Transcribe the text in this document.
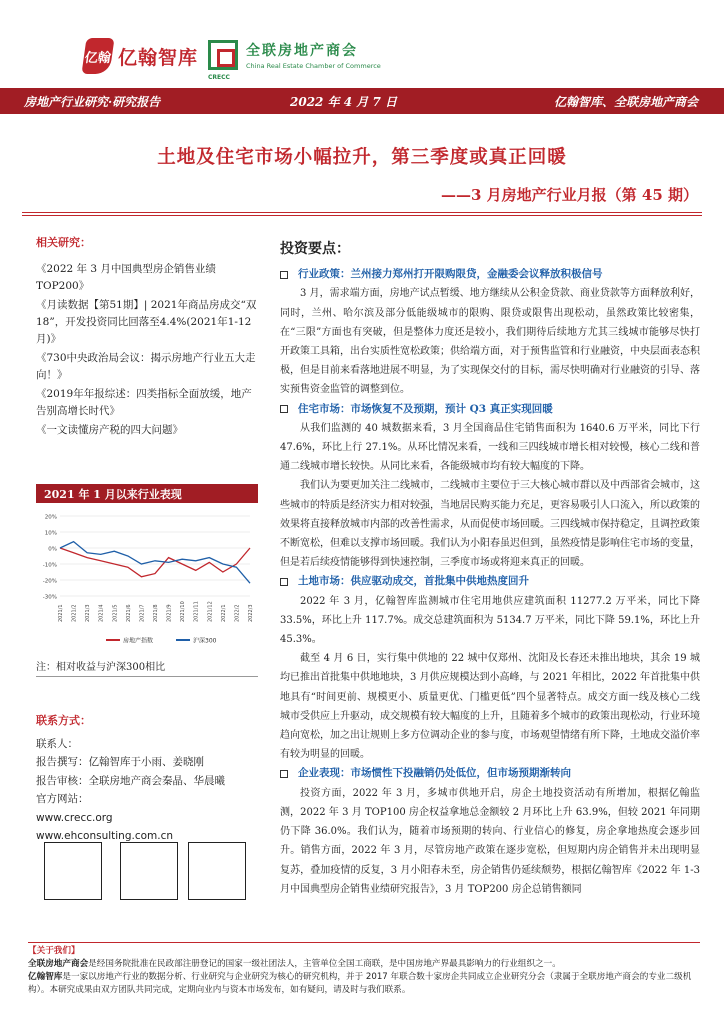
亿翰 亿翰智库
CRECC
全联房地产商会
China Real Estate Chamber of Commerce
房地产行业研究·研究报告	2022 年 4 月 7 日	亿翰智库、全联房地产商会
土地及住宅市场小幅拉升，第三季度或真正回暖
——3 月房地产行业月报（第 45 期）
相关研究：

《2022 年 3 月中国典型房企销售业绩TOP200》

《月读数据【第51期】| 2021年商品房成交“双18”，开发投资同比回落至4.4%(2021年1-12月)》

《730中央政治局会议：揭示房地产行业五大走向！》

《2019年年报综述：四类指标全面放缓，地产告别高增长时代》

《一文读懂房产税的四大问题》

2021 年 1 月以来行业表现
20%
10%
0%
-10%
-20%
-30%
2021/1 2021/2 2021/3 2021/4 2021/5 2021/6 2021/7 2021/8 2021/9 2021/10 2021/11 2021/12 2022/1 2022/2 2022/3
房地产指数	沪深300
注：相对收益与沪深300相比
联系方式：

联系人：

报告撰写：亿翰智库于小雨、姜晓刚

报告审核：全联房地产商会秦晶、华晨曦

官方网站：

www.crecc.org

www.ehconsulting.com.cn

投资要点：
行业政策：兰州接力郑州打开限购限贷，金融委会议释放积极信号

3 月，需求端方面，房地产试点暂缓、地方继续从公积金贷款、商业贷款等方面释放利好，同时，兰州、哈尔滨及部分低能级城市的限购、限贷或限售出现松动，虽然政策比较密集，在“三限”方面也有突破，但是整体力度还是较小，我们期待后续地方尤其三线城市能够尽快打开政策工具箱，出台实质性宽松政策；供给端方面，对于预售监管和行业融资，中央层面表态积极，但是目前来看落地进展不明显，为了实现保交付的目标，需尽快明确对行业融资的引导、落实预售资金监管的调整到位。

住宅市场：市场恢复不及预期，预计 Q3 真正实现回暖

从我们监测的 40 城数据来看，3 月全国商品住宅销售面积为 1640.6 万平米，同比下行 47.6%，环比上行 27.1%。从环比情况来看，一线和三四线城市增长相对较慢，核心二线和普通二线城市增长较快。从同比来看，各能级城市均有较大幅度的下降。

我们认为要更加关注二线城市，二线城市主要位于三大核心城市群以及中西部省会城市，这些城市的特质是经济实力相对较强，当地居民购买能力充足，更容易吸引人口流入，所以政策的效果将直接释放城市内部的改善性需求，从而促使市场回暖。三四线城市保持稳定，且调控政策不断宽松，但难以支撑市场回暖。我们认为小阳春虽迟但到，虽然疫情是影响住宅市场的变量，但是若后续疫情能够得到快速控制，三季度市场或将迎来真正的回暖。

土地市场：供应驱动成交，首批集中供地热度回升

2022 年 3 月，亿翰智库监测城市住宅用地供应建筑面积 11277.2 万平米，同比下降 33.5%，环比上升 117.7%。成交总建筑面积为 5134.7 万平米，同比下降 59.1%，环比上升 45.3%。

截至 4 月 6 日，实行集中供地的 22 城中仅郑州、沈阳及长春还未推出地块，其余 19 城均已推出首批集中供地地块，3 月供应规模达到小高峰，与 2021 年相比，2022 年首批集中供地具有“时间更前、规模更小、质量更优、门槛更低”四个显著特点。成交方面一线及核心二线城市受供应上升驱动，成交规模有较大幅度的上升，且随着多个城市的政策出现松动，行业环境趋向宽松，加之出让规则上多方位调动企业的参与度，市场观望情绪有所下降，土地成交溢价率有较为明显的回暖。

企业表现：市场惯性下投融销仍处低位，但市场预期渐转向

投资方面，2022 年 3 月，多城市供地开启，房企土地投资活动有所增加，根据亿翰监测，2022 年 3 月 TOP100 房企权益拿地总金额较 2 月环比上升 63.9%，但较 2021 年同期仍下降 36.0%。我们认为，随着市场预期的转向、行业信心的修复，房企拿地热度会逐步回升。销售方面，2022 年 3 月，尽管房地产政策在逐步宽松，但短期内房企销售并未出现明显复苏，叠加疫情的反复，3 月小阳春未至，房企销售仍延续颓势，根据亿翰智库《2022 年 1-3 月中国典型房企销售业绩研究报告》，3 月 TOP200 房企总销售额同

【关于我们】
全联房地产商会是经国务院批准在民政部注册登记的国家一级社团法人，主管单位全国工商联，是中国房地产界最具影响力的行业组织之一。
亿翰智库是一家以房地产行业的数据分析、行业研究与企业研究为核心的研究机构，并于 2017 年联合数十家房企共同成立企业研究分会（隶属于全联房地产商会的专业二级机构）。本研究成果由双方团队共同完成，定期向业内与资本市场发布，如有疑问，请及时与我们联系。
